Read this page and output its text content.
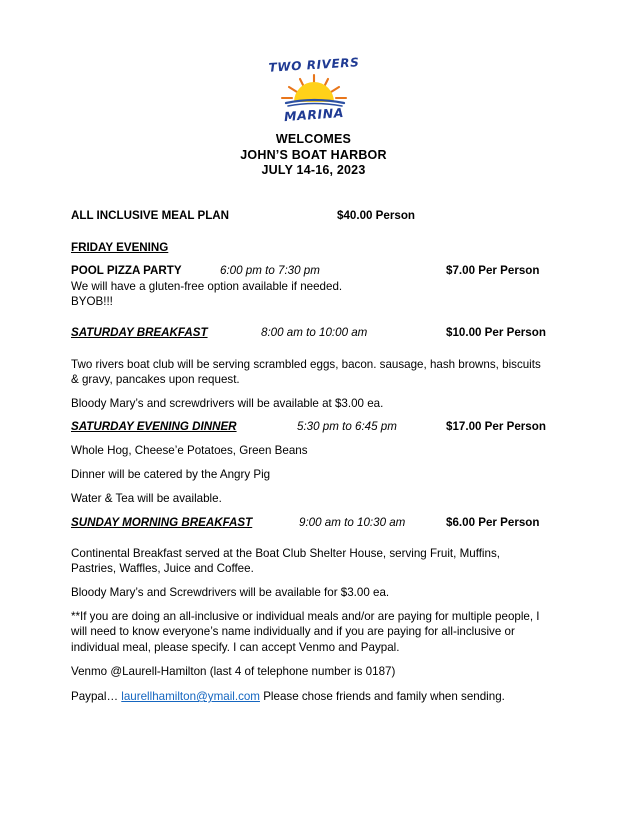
TWO RIVERS
MARINA
WELCOMES
JOHN’S BOAT HARBOR
JULY 14-16, 2023
ALL INCLUSIVE MEAL PLAN	$40.00 Person
FRIDAY EVENING
POOL PIZZA PARTY	6:00 pm to 7:30 pm	$7.00 Per Person
We will have a gluten-free option available if needed.
BYOB!!!
SATURDAY BREAKFAST	8:00 am to 10:00 am	$10.00 Per Person
Two rivers boat club will be serving scrambled eggs, bacon. sausage, hash browns, biscuits & gravy, pancakes upon request.
Bloody Mary’s and screwdrivers will be available at $3.00 ea.
SATURDAY EVENING DINNER	5:30 pm to 6:45 pm	$17.00 Per Person
Whole Hog, Cheese’e Potatoes, Green Beans
Dinner will be catered by the Angry Pig
Water & Tea will be available.
SUNDAY MORNING BREAKFAST	9:00 am to 10:30 am	$6.00 Per Person
Continental Breakfast served at the Boat Club Shelter House, serving Fruit, Muffins, Pastries, Waffles, Juice and Coffee.
Bloody Mary’s and Screwdrivers will be available for $3.00 ea.
**If you are doing an all-inclusive or individual meals and/or are paying for multiple people, I will need to know everyone’s name individually and if you are paying for all-inclusive or individual meal, please specify. I can accept Venmo and Paypal.
Venmo @Laurell-Hamilton (last 4 of telephone number is 0187)
Paypal… laurellhamilton@ymail.com Please chose friends and family when sending.
